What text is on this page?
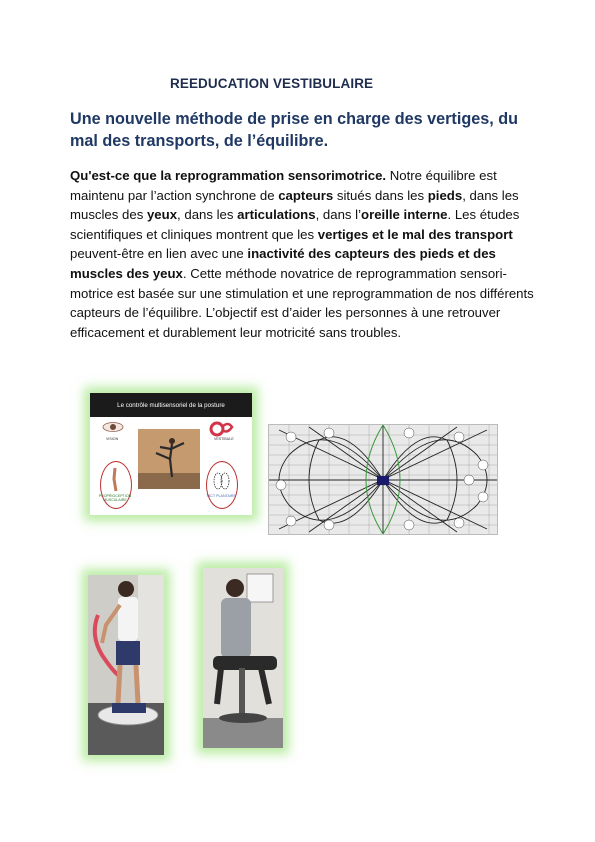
REEDUCATION VESTIBULAIRE
Une nouvelle méthode de prise en charge des vertiges, du mal des transports, de l’équilibre.
Qu'est-ce que la reprogrammation sensorimotrice. Notre équilibre est maintenu par l’action synchrone de capteurs situés dans les pieds, dans les muscles des yeux, dans les articulations, dans l’oreille interne. Les études scientifiques et cliniques montrent que les vertiges et le mal des transport peuvent-être en lien avec une inactivité des capteurs des pieds et des muscles des yeux. Cette méthode novatrice de reprogrammation sensori-motrice est basée sur une stimulation et une reprogrammation de nos différents capteurs de l’équilibre. L’objectif est d’aider les personnes à une retrouver efficacement et durablement leur motricité sans troubles.
Le contrôle multisensoriel de la posture
VISION	VESTIBULE
PROPRIOCEPTION MUSCULAIRE
TACT PLANTAIRE
